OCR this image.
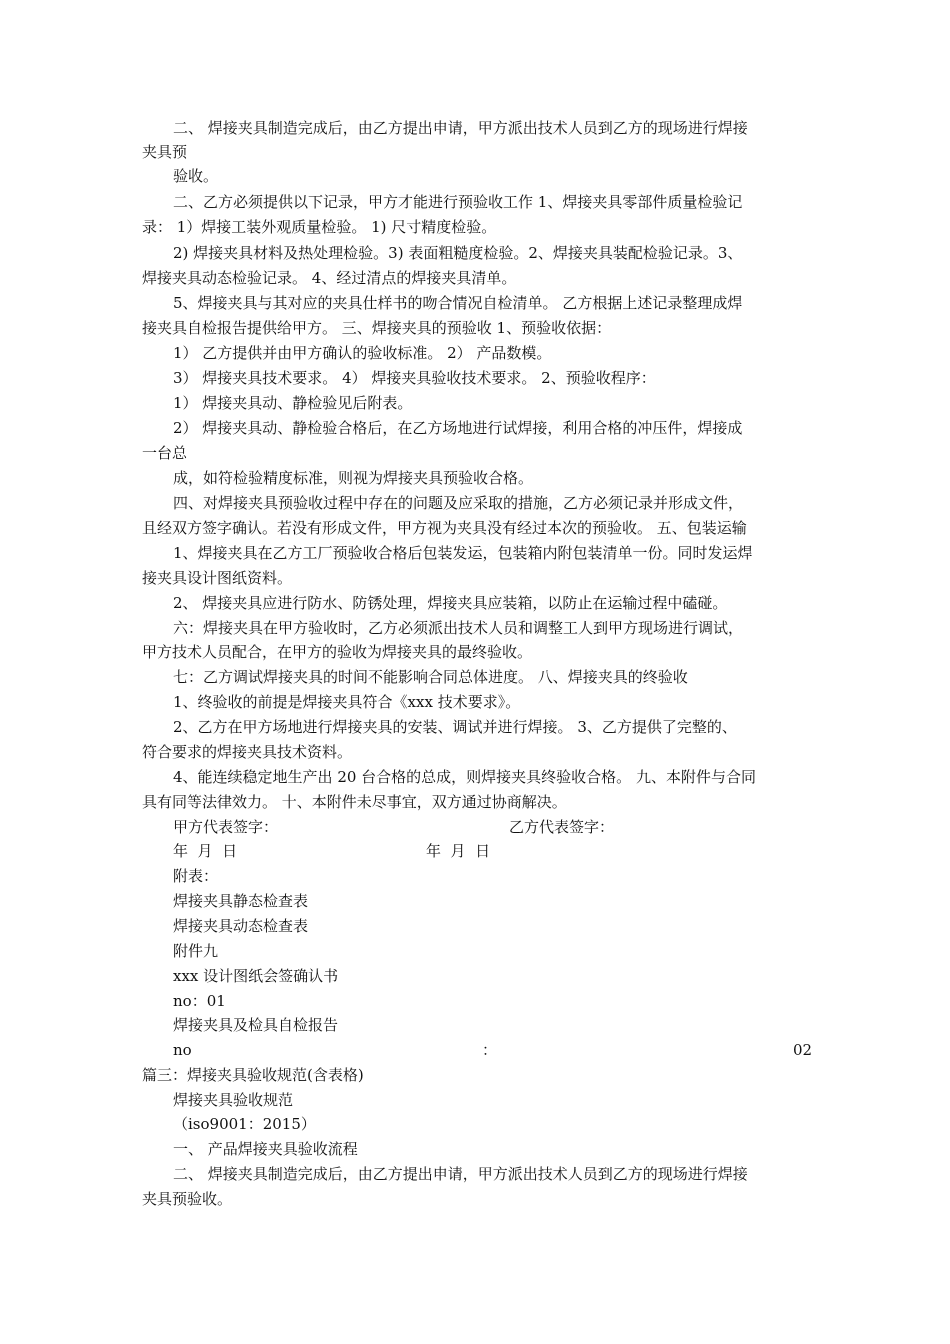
二、 焊接夹具制造完成后，由乙方提出申请，甲方派出技术人员到乙方的现场进行焊接
夹具预
验收。
二、乙方必须提供以下记录，甲方才能进行预验收工作 1、焊接夹具零部件质量检验记
录： 1）焊接工装外观质量检验。 1) 尺寸精度检验。
2) 焊接夹具材料及热处理检验。3) 表面粗糙度检验。2、焊接夹具装配检验记录。3、
焊接夹具动态检验记录。 4、经过清点的焊接夹具清单。
5、焊接夹具与其对应的夹具仕样书的吻合情况自检清单。 乙方根据上述记录整理成焊
接夹具自检报告提供给甲方。 三、焊接夹具的预验收 1、预验收依据：
1） 乙方提供并由甲方确认的验收标准。 2） 产品数模。
3） 焊接夹具技术要求。 4） 焊接夹具验收技术要求。 2、预验收程序：
1） 焊接夹具动、静检验见后附表。
2） 焊接夹具动、静检验合格后，在乙方场地进行试焊接，利用合格的冲压件，焊接成
一台总
成，如符检验精度标准，则视为焊接夹具预验收合格。
四、对焊接夹具预验收过程中存在的问题及应采取的措施，乙方必须记录并形成文件，
且经双方签字确认。若没有形成文件，甲方视为夹具没有经过本次的预验收。 五、包装运输
1、焊接夹具在乙方工厂预验收合格后包装发运，包装箱内附包装清单一份。同时发运焊
接夹具设计图纸资料。
2、 焊接夹具应进行防水、防锈处理，焊接夹具应装箱，以防止在运输过程中磕碰。
六：焊接夹具在甲方验收时，乙方必须派出技术人员和调整工人到甲方现场进行调试，
甲方技术人员配合，在甲方的验收为焊接夹具的最终验收。
七：乙方调试焊接夹具的时间不能影响合同总体进度。 八、焊接夹具的终验收
1、终验收的前提是焊接夹具符合《xxx 技术要求》。
2、乙方在甲方场地进行焊接夹具的安装、调试并进行焊接。 3、乙方提供了完整的、
符合要求的焊接夹具技术资料。
4、能连续稳定地生产出 20 台合格的总成，则焊接夹具终验收合格。 九、本附件与合同
具有同等法律效力。 十、本附件未尽事宜，双方通过协商解决。
甲方代表签字：	乙方代表签字：
年  月  日	年  月  日
附表：
焊接夹具静态检查表
焊接夹具动态检查表
附件九
xxx 设计图纸会签确认书
no：01
焊接夹具及检具自检报告
no	：	02
篇三：焊接夹具验收规范(含表格)
焊接夹具验收规范
（iso9001：2015）
一、 产品焊接夹具验收流程
二、 焊接夹具制造完成后，由乙方提出申请，甲方派出技术人员到乙方的现场进行焊接
夹具预验收。
